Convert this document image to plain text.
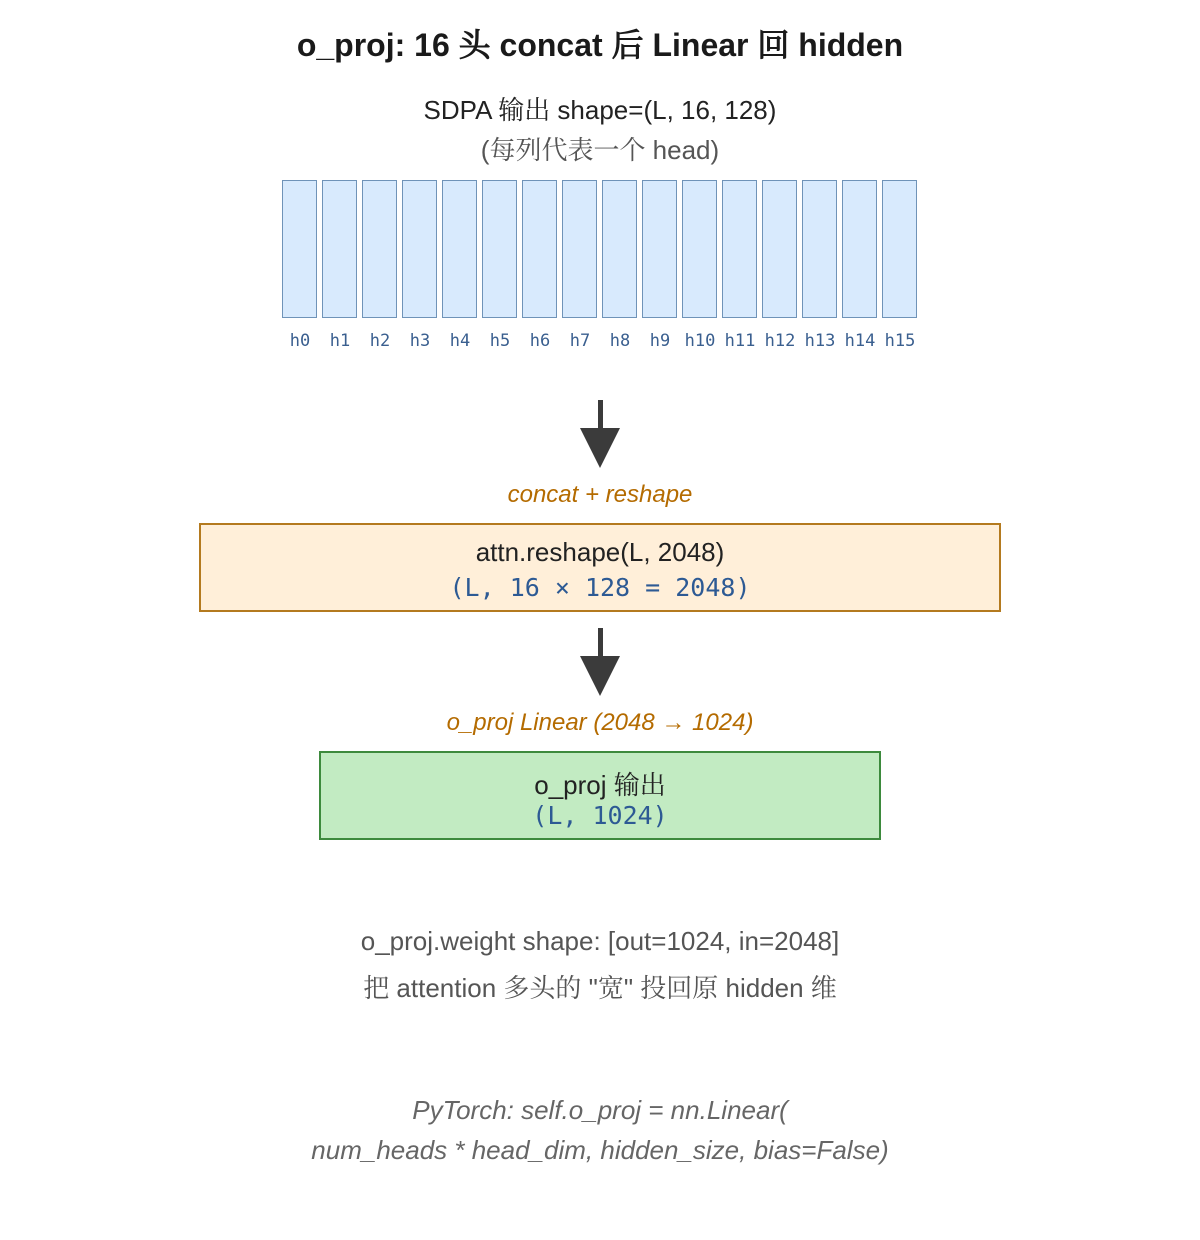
o_proj: 16 头 concat 后 Linear 回 hidden
SDPA 输出 shape=(L, 16, 128)
(每列代表一个 head)
h0	h1	h2	h3	h4	h5	h6	h7	h8	h9 h10 h11 h12 h13 h14 h15
concat + reshape
attn.reshape(L, 2048)
(L, 16 × 128 = 2048)
o_proj Linear (2048 → 1024)
o_proj 输出
(L, 1024)
o_proj.weight shape: [out=1024, in=2048]
把 attention 多头的 "宽" 投回原 hidden 维
PyTorch: self.o_proj = nn.Linear(
num_heads * head_dim, hidden_size, bias=False)
